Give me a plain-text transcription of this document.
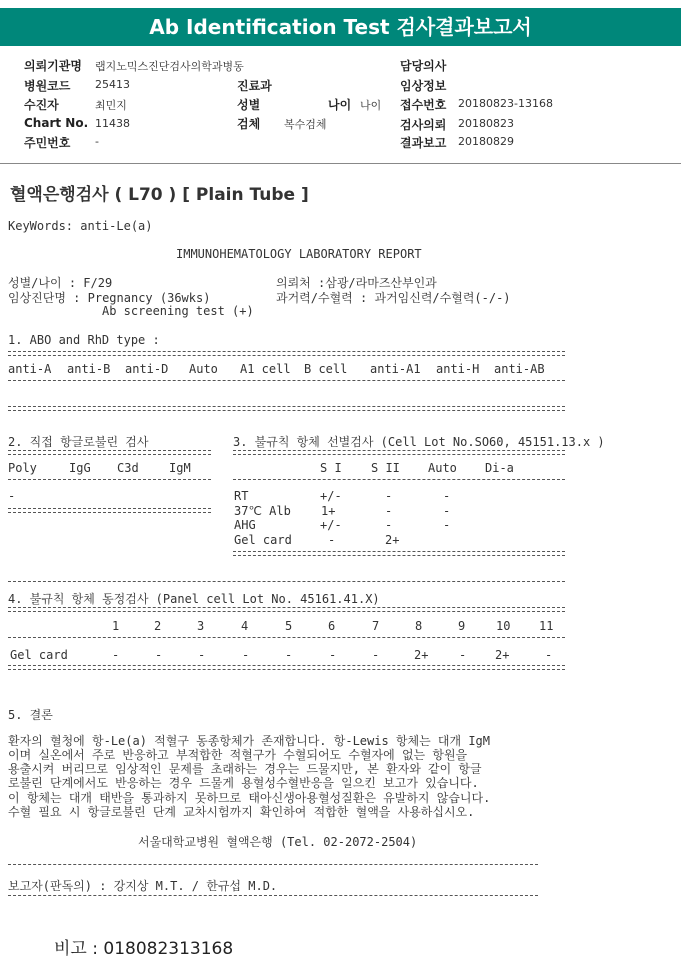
Ab Identification Test 검사결과보고서
의뢰기관명 랩지노믹스진단검사의학과병동
병원코드 25413
수진자	최민지
Chart No. 11438
주민번호 -
진료과
성별	나이 나이
검체 복수검체
담당의사
임상정보
접수번호 20180823-13168
검사의뢰 20180823
결과보고 20180829
혈액은행검사 ( L70 ) [ Plain Tube ]
KeyWords: anti-Le(a)
IMMUNOHEMATOLOGY LABORATORY REPORT
성별/나이 : F/29
임상진단명 : Pregnancy (36wks)
Ab screening test (+)
의뢰처 :삼광/라마즈산부인과
과거력/수혈력 : 과거임신력/수혈력(-/-)
1. ABO and RhD type :
anti-A anti-B anti-D Auto A1 cell B cell anti-A1 anti-H anti-AB
2. 직접 항글로불린 검사
Poly	IgG C3d	IgM
-
3. 불규칙 항체 선별검사 (Cell Lot No.SO60, 45151.13.x )
S I S II Auto Di-a
RT	+/-	-	-
37℃ Alb	1+	-	-
AHG	+/-	-	-
Gel card	-	2+
4. 불규칙 항체 동정검사 (Panel cell Lot No. 45161.41.X)
1	2	3	4	5	6	7	8	9	10 11
Gel card	-	-	-	-	-	-	-	2+	- 2+	-
5. 결론
환자의 혈청에 항-Le(a) 적혈구 동종항체가 존재합니다. 항-Lewis 항체는 대개 IgM
이며 실온에서 주로 반응하고 부적합한 적혈구가 수혈되어도 수혈자에 없는 항원을
용출시켜 버리므로 임상적인 문제를 초래하는 경우는 드물지만, 본 환자와 같이 항글
로불린 단계에서도 반응하는 경우 드물게 용혈성수혈반응을 일으킨 보고가 있습니다.
이 항체는 대개 태반을 통과하지 못하므로 태아신생아용혈성질환은 유발하지 않습니다.
수혈 필요 시 항글로불린 단계 교차시험까지 확인하여 적합한 혈액을 사용하십시오.
서울대학교병원 혈액은행 (Tel. 02-2072-2504)
보고자(판독의) : 강지상 M.T. / 한규섭 M.D.
비고 : 018082313168
